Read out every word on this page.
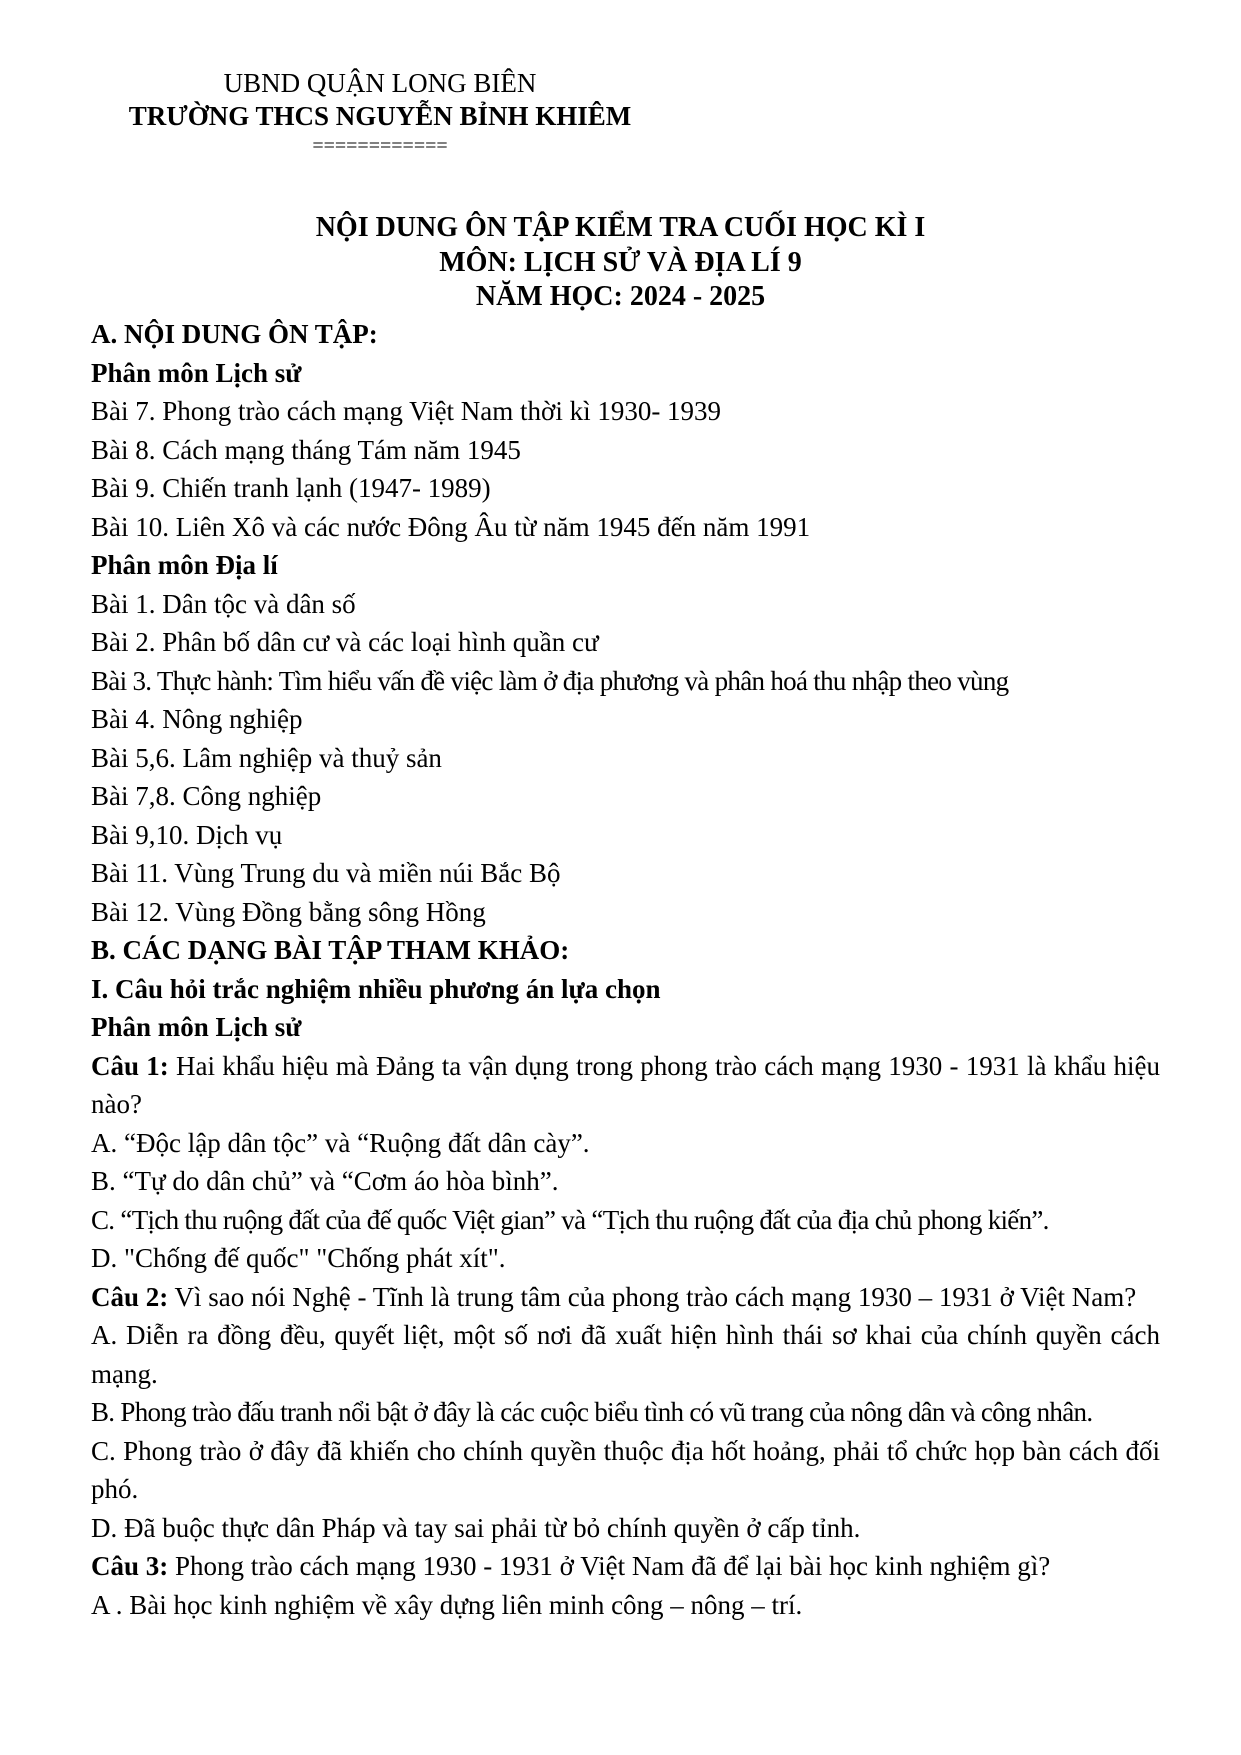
UBND QUẬN LONG BIÊN
TRƯỜNG THCS NGUYỄN BỈNH KHIÊM
============
NỘI DUNG ÔN TẬP KIỂM TRA CUỐI HỌC KÌ I
MÔN: LỊCH SỬ VÀ ĐỊA LÍ 9
NĂM HỌC: 2024 - 2025
A. NỘI DUNG ÔN TẬP:
Phân môn Lịch sử
Bài 7. Phong trào cách mạng Việt Nam thời kì 1930- 1939
Bài 8. Cách mạng tháng Tám năm 1945
Bài 9. Chiến tranh lạnh (1947- 1989)
Bài 10. Liên Xô và các nước Đông Âu từ năm 1945 đến năm 1991
Phân môn Địa lí
Bài 1. Dân tộc và dân số
Bài 2. Phân bố dân cư và các loại hình quần cư
Bài 3. Thực hành: Tìm hiểu vấn đề việc làm ở địa phương và phân hoá thu nhập theo vùng
Bài 4. Nông nghiệp
Bài 5,6. Lâm nghiệp và thuỷ sản
Bài 7,8. Công nghiệp
Bài 9,10. Dịch vụ
Bài 11. Vùng Trung du và miền núi Bắc Bộ
Bài 12. Vùng Đồng bằng sông Hồng
B. CÁC DẠNG BÀI TẬP THAM KHẢO:
I. Câu hỏi trắc nghiệm nhiều phương án lựa chọn
Phân môn Lịch sử
Câu 1: Hai khẩu hiệu mà Đảng ta vận dụng trong phong trào cách mạng 1930 - 1931 là khẩu hiệu nào?
A. “Độc lập dân tộc” và “Ruộng đất dân cày”.
B. “Tự do dân chủ” và “Cơm áo hòa bình”.
C. “Tịch thu ruộng đất của đế quốc Việt gian” và “Tịch thu ruộng đất của địa chủ phong kiến”.
D. "Chống đế quốc" "Chống phát xít".
Câu 2: Vì sao nói Nghệ - Tĩnh là trung tâm của phong trào cách mạng 1930 – 1931 ở Việt Nam?
A. Diễn ra đồng đều, quyết liệt, một số nơi đã xuất hiện hình thái sơ khai của chính quyền cách mạng.
B. Phong trào đấu tranh nổi bật ở đây là các cuộc biểu tình có vũ trang của nông dân và công nhân.
C. Phong trào ở đây đã khiến cho chính quyền thuộc địa hốt hoảng, phải tổ chức họp bàn cách đối phó.
D. Đã buộc thực dân Pháp và tay sai phải từ bỏ chính quyền ở cấp tỉnh.
Câu 3: Phong trào cách mạng 1930 - 1931 ở Việt Nam đã để lại bài học kinh nghiệm gì?
A . Bài học kinh nghiệm về xây dựng liên minh công – nông – trí.
